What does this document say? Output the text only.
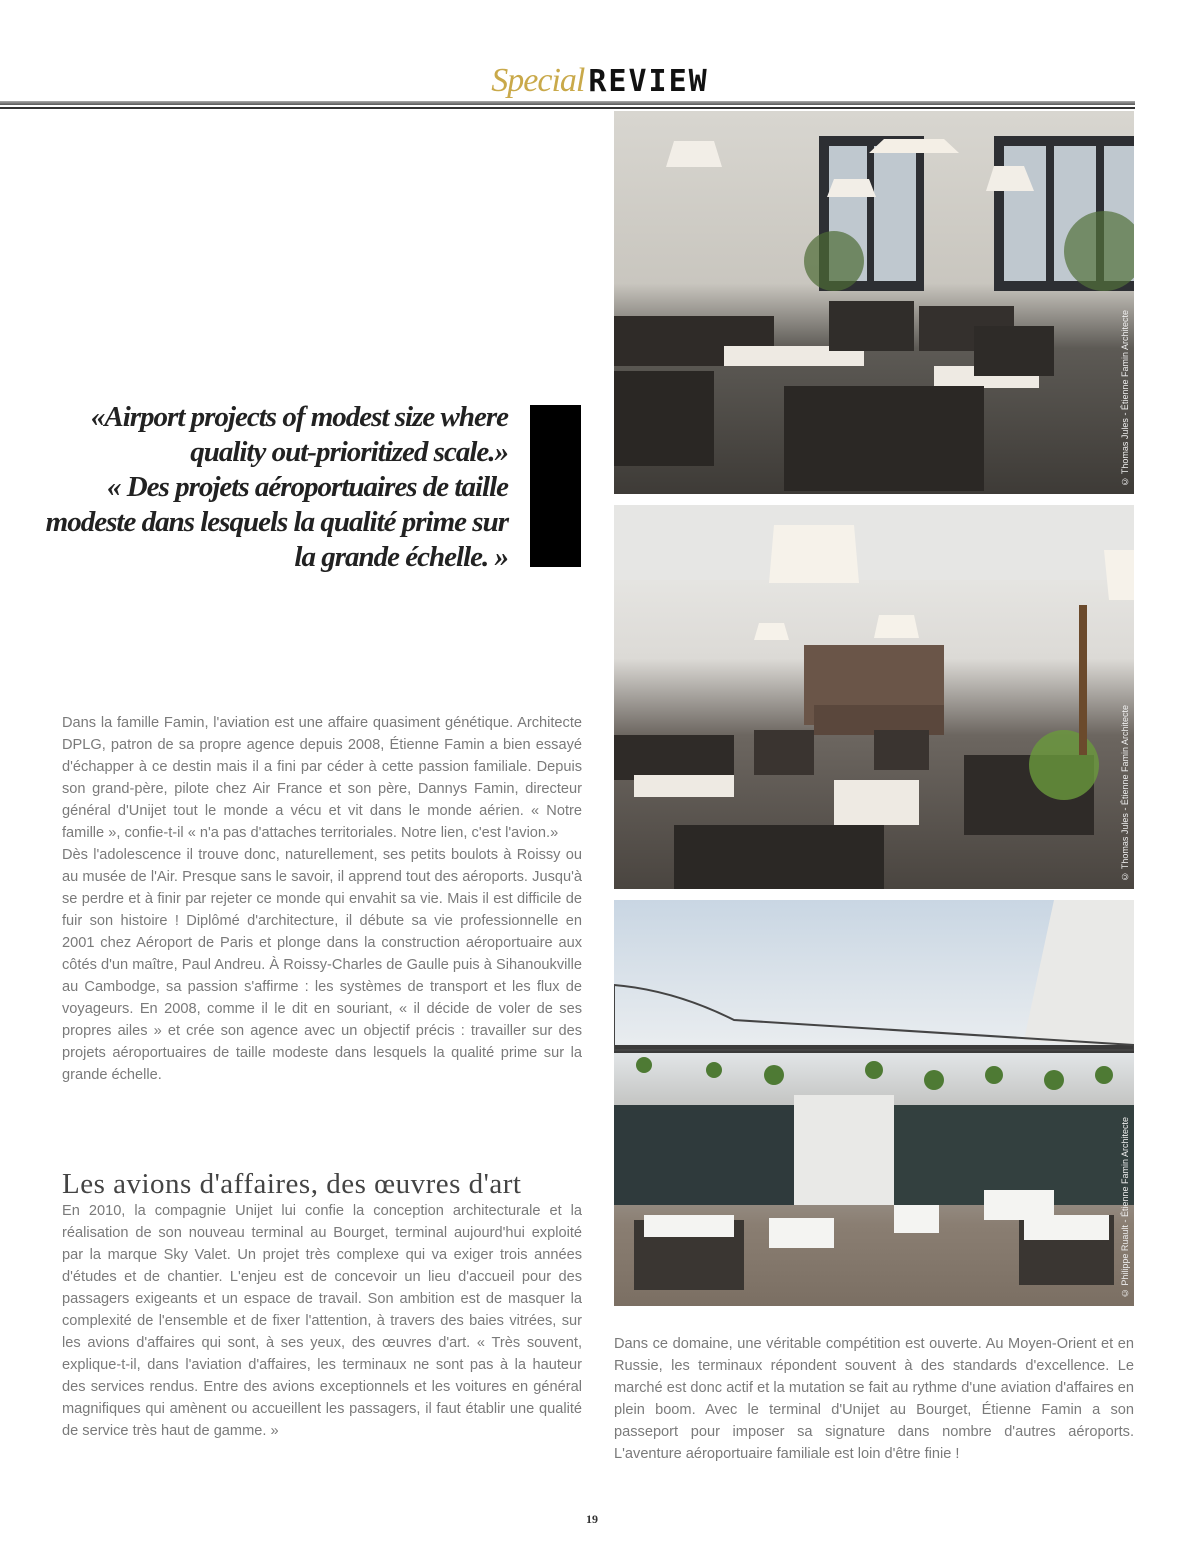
Special REVIEW
© Thomas Jules - Étienne Famin Architecte
© Thomas Jules - Étienne Famin Architecte
© Philippe Ruault - Étienne Famin Architecte
«Airport projects of modest size where quality out-prioritized scale.»
« Des projets aéroportuaires de taille modeste dans lesquels la qualité prime sur la grande échelle. »

Dans la famille Famin, l'aviation est une affaire quasiment génétique. Architecte DPLG, patron de sa propre agence depuis 2008, Étienne Famin a bien essayé d'échapper à ce destin mais il a fini par céder à cette passion familiale. Depuis son grand-père, pilote chez Air France et son père, Dannys Famin, directeur général d'Unijet tout le monde a vécu et vit dans le monde aérien. « Notre famille », confie-t-il « n'a pas d'attaches territoriales. Notre lien, c'est l'avion.»

Dès l'adolescence il trouve donc, naturellement, ses petits boulots à Roissy ou au musée de l'Air. Presque sans le savoir, il apprend tout des aéroports. Jusqu'à se perdre et à finir par rejeter ce monde qui envahit sa vie. Mais il est difficile de fuir son histoire ! Diplômé d'architecture, il débute sa vie professionnelle en 2001 chez Aéroport de Paris et plonge dans la construction aéroportuaire aux côtés d'un maître, Paul Andreu. À Roissy-Charles de Gaulle puis à Sihanoukville au Cambodge, sa passion s'affirme : les systèmes de transport et les flux de voyageurs. En 2008, comme il le dit en souriant, « il décide de voler de ses propres ailes » et crée son agence avec un objectif précis : travailler sur des projets aéroportuaires de taille modeste dans lesquels la qualité prime sur la grande échelle.

Les avions d'affaires, des œuvres d'art

En 2010, la compagnie Unijet lui confie la conception architecturale et la réalisation de son nouveau terminal au Bourget, terminal aujourd'hui exploité par la marque Sky Valet. Un projet très complexe qui va exiger trois années d'études et de chantier. L'enjeu est de concevoir un lieu d'accueil pour des passagers exigeants et un espace de travail. Son ambition est de masquer la complexité de l'ensemble et de fixer l'attention, à travers des baies vitrées, sur les avions d'affaires qui sont, à ses yeux, des œuvres d'art. « Très souvent, explique-t-il, dans l'aviation d'affaires, les terminaux ne sont pas à la hauteur des services rendus. Entre des avions exceptionnels et les voitures en général magnifiques qui amènent ou accueillent les passagers, il faut établir une qualité de service très haut de gamme. »

Dans ce domaine, une véritable compétition est ouverte. Au Moyen-Orient et en Russie, les terminaux répondent souvent à des standards d'excellence. Le marché est donc actif et la mutation se fait au rythme d'une aviation d'affaires en plein boom. Avec le terminal d'Unijet au Bourget, Étienne Famin a son passeport pour imposer sa signature dans nombre d'autres aéroports. L'aventure aéroportuaire familiale est loin d'être finie !

19
